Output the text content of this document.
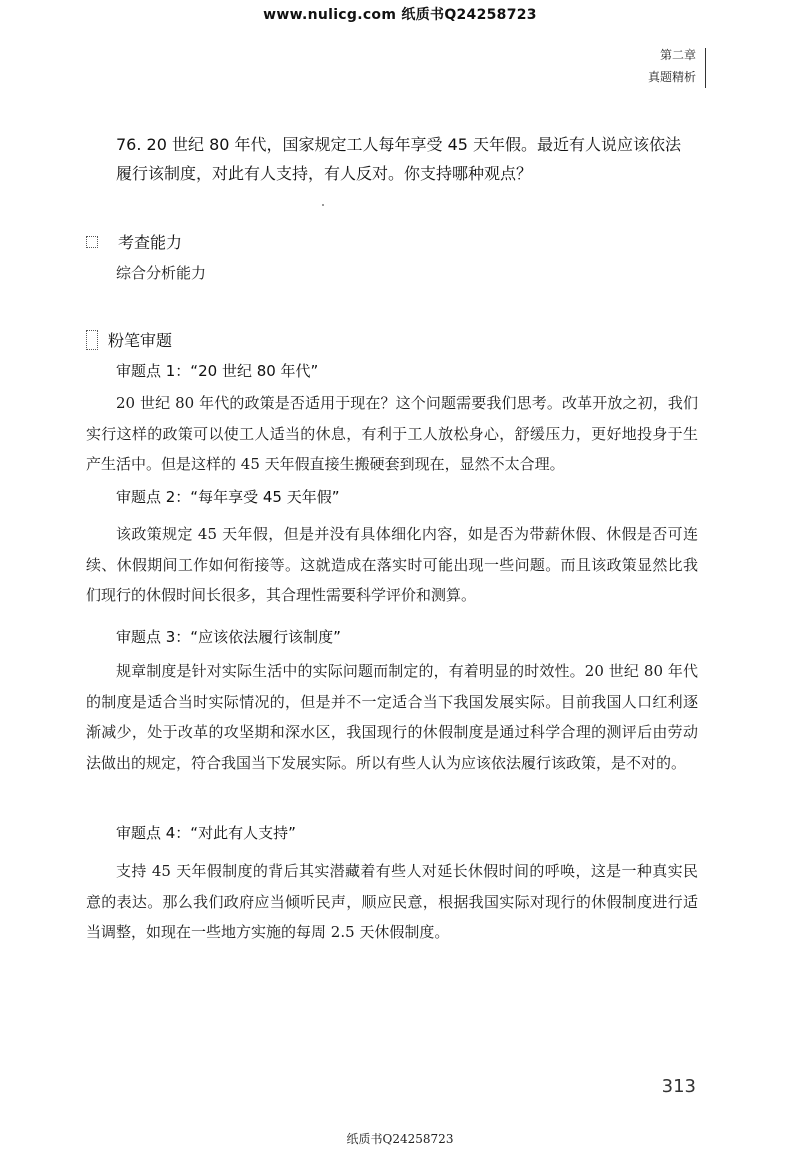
www.nulicg.com 纸质书Q24258723
第二章
真题精析
76. 20 世纪 80 年代，国家规定工人每年享受 45 天年假。最近有人说应该依法履行该制度，对此有人支持，有人反对。你支持哪种观点？
考查能力
综合分析能力
粉笔审题
审题点 1：“20 世纪 80 年代”

20 世纪 80 年代的政策是否适用于现在？这个问题需要我们思考。改革开放之初，我们实行这样的政策可以使工人适当的休息，有利于工人放松身心，舒缓压力，更好地投身于生产生活中。但是这样的 45 天年假直接生搬硬套到现在，显然不太合理。

审题点 2：“每年享受 45 天年假”

该政策规定 45 天年假，但是并没有具体细化内容，如是否为带薪休假、休假是否可连续、休假期间工作如何衔接等。这就造成在落实时可能出现一些问题。而且该政策显然比我们现行的休假时间长很多，其合理性需要科学评价和测算。

审题点 3：“应该依法履行该制度”

规章制度是针对实际生活中的实际问题而制定的，有着明显的时效性。20 世纪 80 年代的制度是适合当时实际情况的，但是并不一定适合当下我国发展实际。目前我国人口红利逐渐减少，处于改革的攻坚期和深水区，我国现行的休假制度是通过科学合理的测评后由劳动法做出的规定，符合我国当下发展实际。所以有些人认为应该依法履行该政策，是不对的。

审题点 4：“对此有人支持”

支持 45 天年假制度的背后其实潜藏着有些人对延长休假时间的呼唤，这是一种真实民意的表达。那么我们政府应当倾听民声，顺应民意，根据我国实际对现行的休假制度进行适当调整，如现在一些地方实施的每周 2.5 天休假制度。

313
纸质书Q24258723
